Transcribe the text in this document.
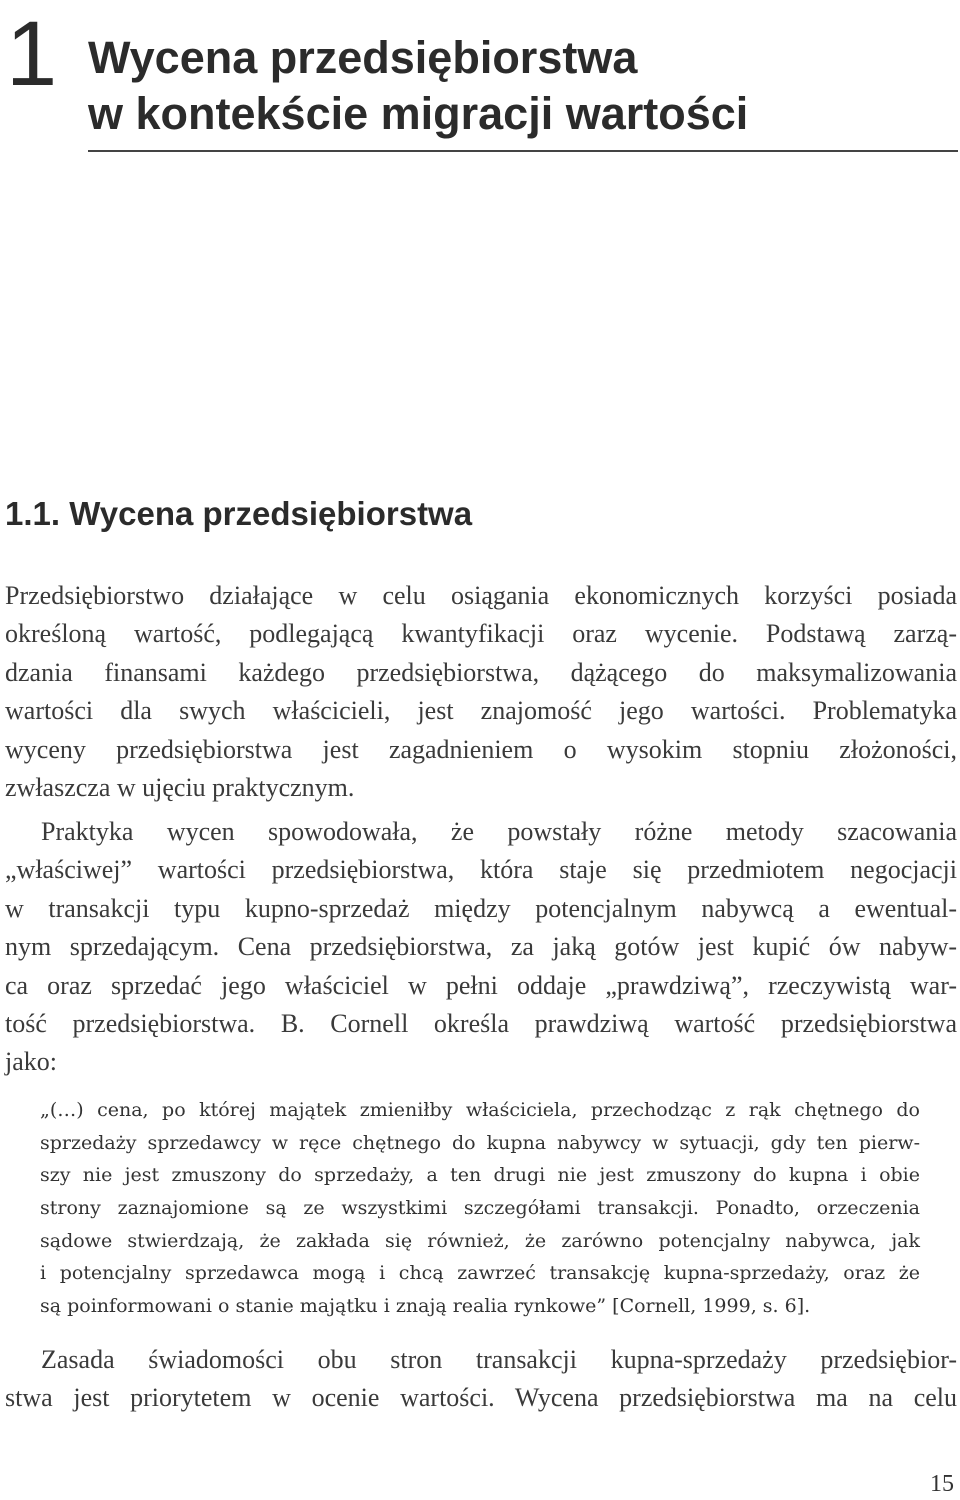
1 Wycena przedsiębiorstwa
w kontekście migracji wartości
1.1. Wycena przedsiębiorstwa
Przedsiębiorstwo działające w celu osiągania ekonomicznych korzyści posiada
określoną wartość, podlegającą kwantyfikacji oraz wycenie. Podstawą zarzą-
dzania finansami każdego przedsiębiorstwa, dążącego do maksymalizowania
wartości dla swych właścicieli, jest znajomość jego wartości. Problematyka
wyceny przedsiębiorstwa jest zagadnieniem o wysokim stopniu złożoności,
zwłaszcza w ujęciu praktycznym.
Praktyka wycen spowodowała, że powstały różne metody szacowania
„właściwej” wartości przedsiębiorstwa, która staje się przedmiotem negocjacji
w transakcji typu kupno-sprzedaż między potencjalnym nabywcą a ewentual-
nym sprzedającym. Cena przedsiębiorstwa, za jaką gotów jest kupić ów nabyw-
ca oraz sprzedać jego właściciel w pełni oddaje „prawdziwą”, rzeczywistą war-
tość przedsiębiorstwa. B. Cornell określa prawdziwą wartość przedsiębiorstwa
jako:
„(…) cena, po której majątek zmieniłby właściciela, przechodząc z rąk chętnego do
sprzedaży sprzedawcy w ręce chętnego do kupna nabywcy w sytuacji, gdy ten pierw-
szy nie jest zmuszony do sprzedaży, a ten drugi nie jest zmuszony do kupna i obie
strony zaznajomione są ze wszystkimi szczegółami transakcji. Ponadto, orzeczenia
sądowe stwierdzają, że zakłada się również, że zarówno potencjalny nabywca, jak
i potencjalny sprzedawca mogą i chcą zawrzeć transakcję kupna-sprzedaży, oraz że
są poinformowani o stanie majątku i znają realia rynkowe” [Cornell, 1999, s. 6].
Zasada świadomości obu stron transakcji kupna-sprzedaży przedsiębior-
stwa jest priorytetem w ocenie wartości. Wycena przedsiębiorstwa ma na celu
15
